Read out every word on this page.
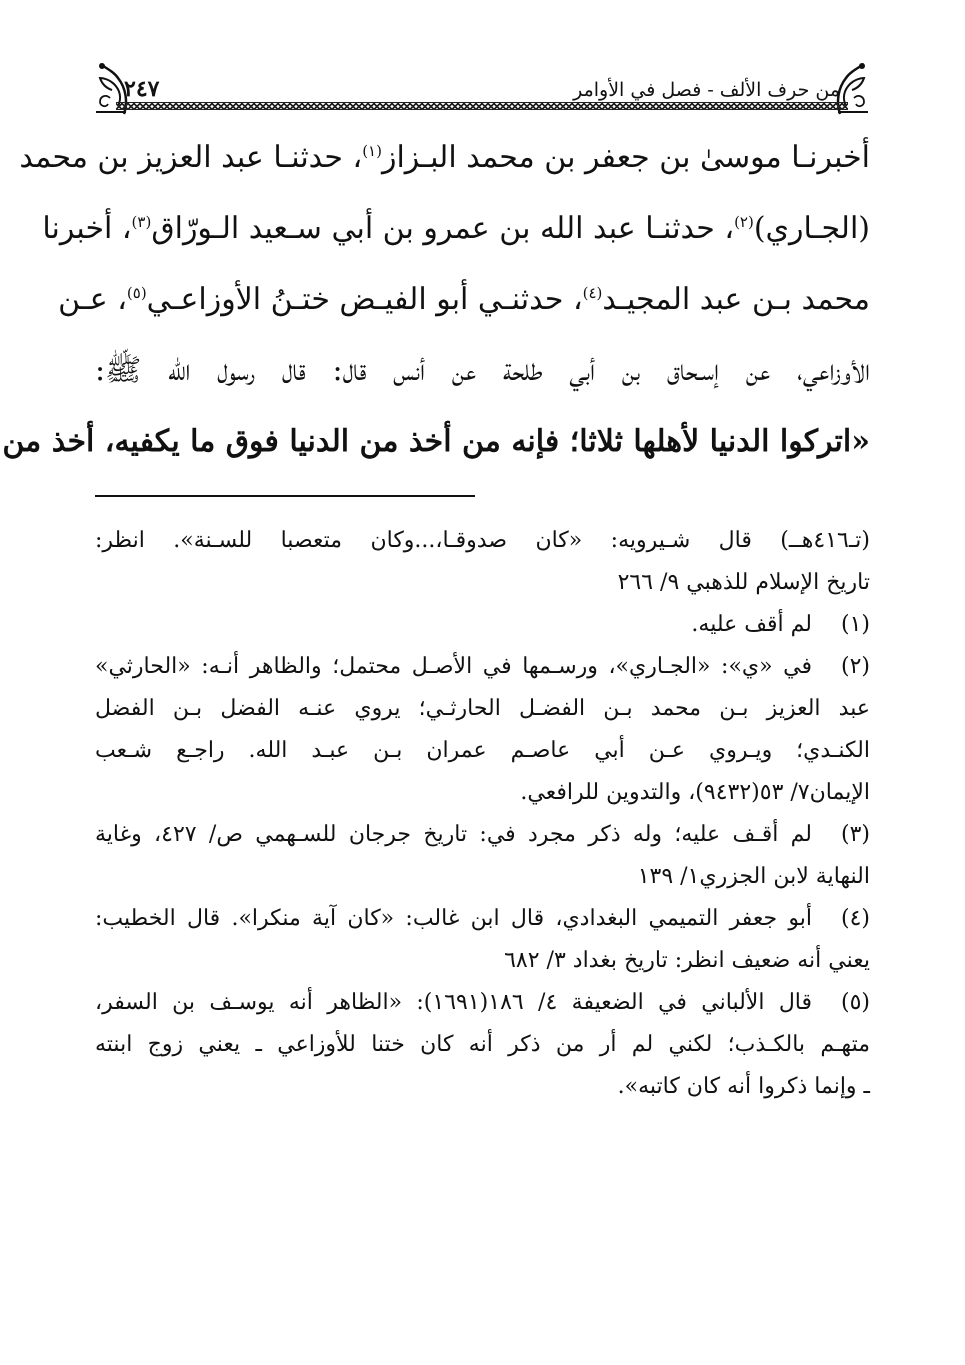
من حرف الألف - فصل في الأوامر
٢٤٧
أخبرنـا موسىٰ بن جعفر بن محمد البـزاز$^{(١)}$، حدثنـا عبد العزيز بن محمد
(الجـاري)$^{(٢)}$، حدثنـا عبد الله بن عمرو بن أبي سـعيد الـورّاق$^{(٣)}$، أخبرنا
محمد بـن عبد المجيـد$^{(٤)}$، حدثنـي أبو الفيـض ختـنُ الأوزاعـي$^{(٥)}$، عـن
الأوزاعي، عن إسـحاق بن أبي طلحة عن أنس قال: قال رسول الله ﷺ:
«اتركوا الدنيا لأهلها ثلاثا؛ فإنه من أخذ من الدنيا فوق ما يكفيه، أخذ من
(تـ٤١٦هــ) قال شـيرويه: «كان صدوقـا،...وكان متعصبا للسـنة». انظر:
تاريخ الإسلام للذهبي ٩/ ٢٦٦
(١)
لم أقف عليه.
(٢)
في «ي»: «الجـاري»، ورسـمها في الأصـل محتمل؛ والظاهر أنـه: «الحارثي»
عبد العزيز بـن محمد بـن الفضـل الحارثـي؛ يروي عنـه الفضل بـن الفضل
الكنـدي؛ ويـروي عـن أبي عاصـم عمران بـن عبـد الله. راجـع شـعب
الإيمان٧/ ٥٣(٩٤٣٢)، والتدوين للرافعي.
(٣)
لم أقـف عليه؛ وله ذكر مجرد في: تاريخ جرجان للسـهمي ص/ ٤٢٧، وغاية
النهاية لابن الجزري١/ ١٣٩
(٤)
أبو جعفر التميمي البغدادي، قال ابن غالب: «كان آية منكرا». قال الخطيب:
يعني أنه ضعيف انظر: تاريخ بغداد ٣/ ٦٨٢
(٥)
قال الألباني في الضعيفة ٤/ ١٨٦(١٦٩١): «الظاهر أنه يوسـف بن السفر،
متهـم بالكـذب؛ لكني لم أر من ذكر أنه كان ختنا للأوزاعي ـ يعني زوج ابنته
ـ وإنما ذكروا أنه كان كاتبه».
